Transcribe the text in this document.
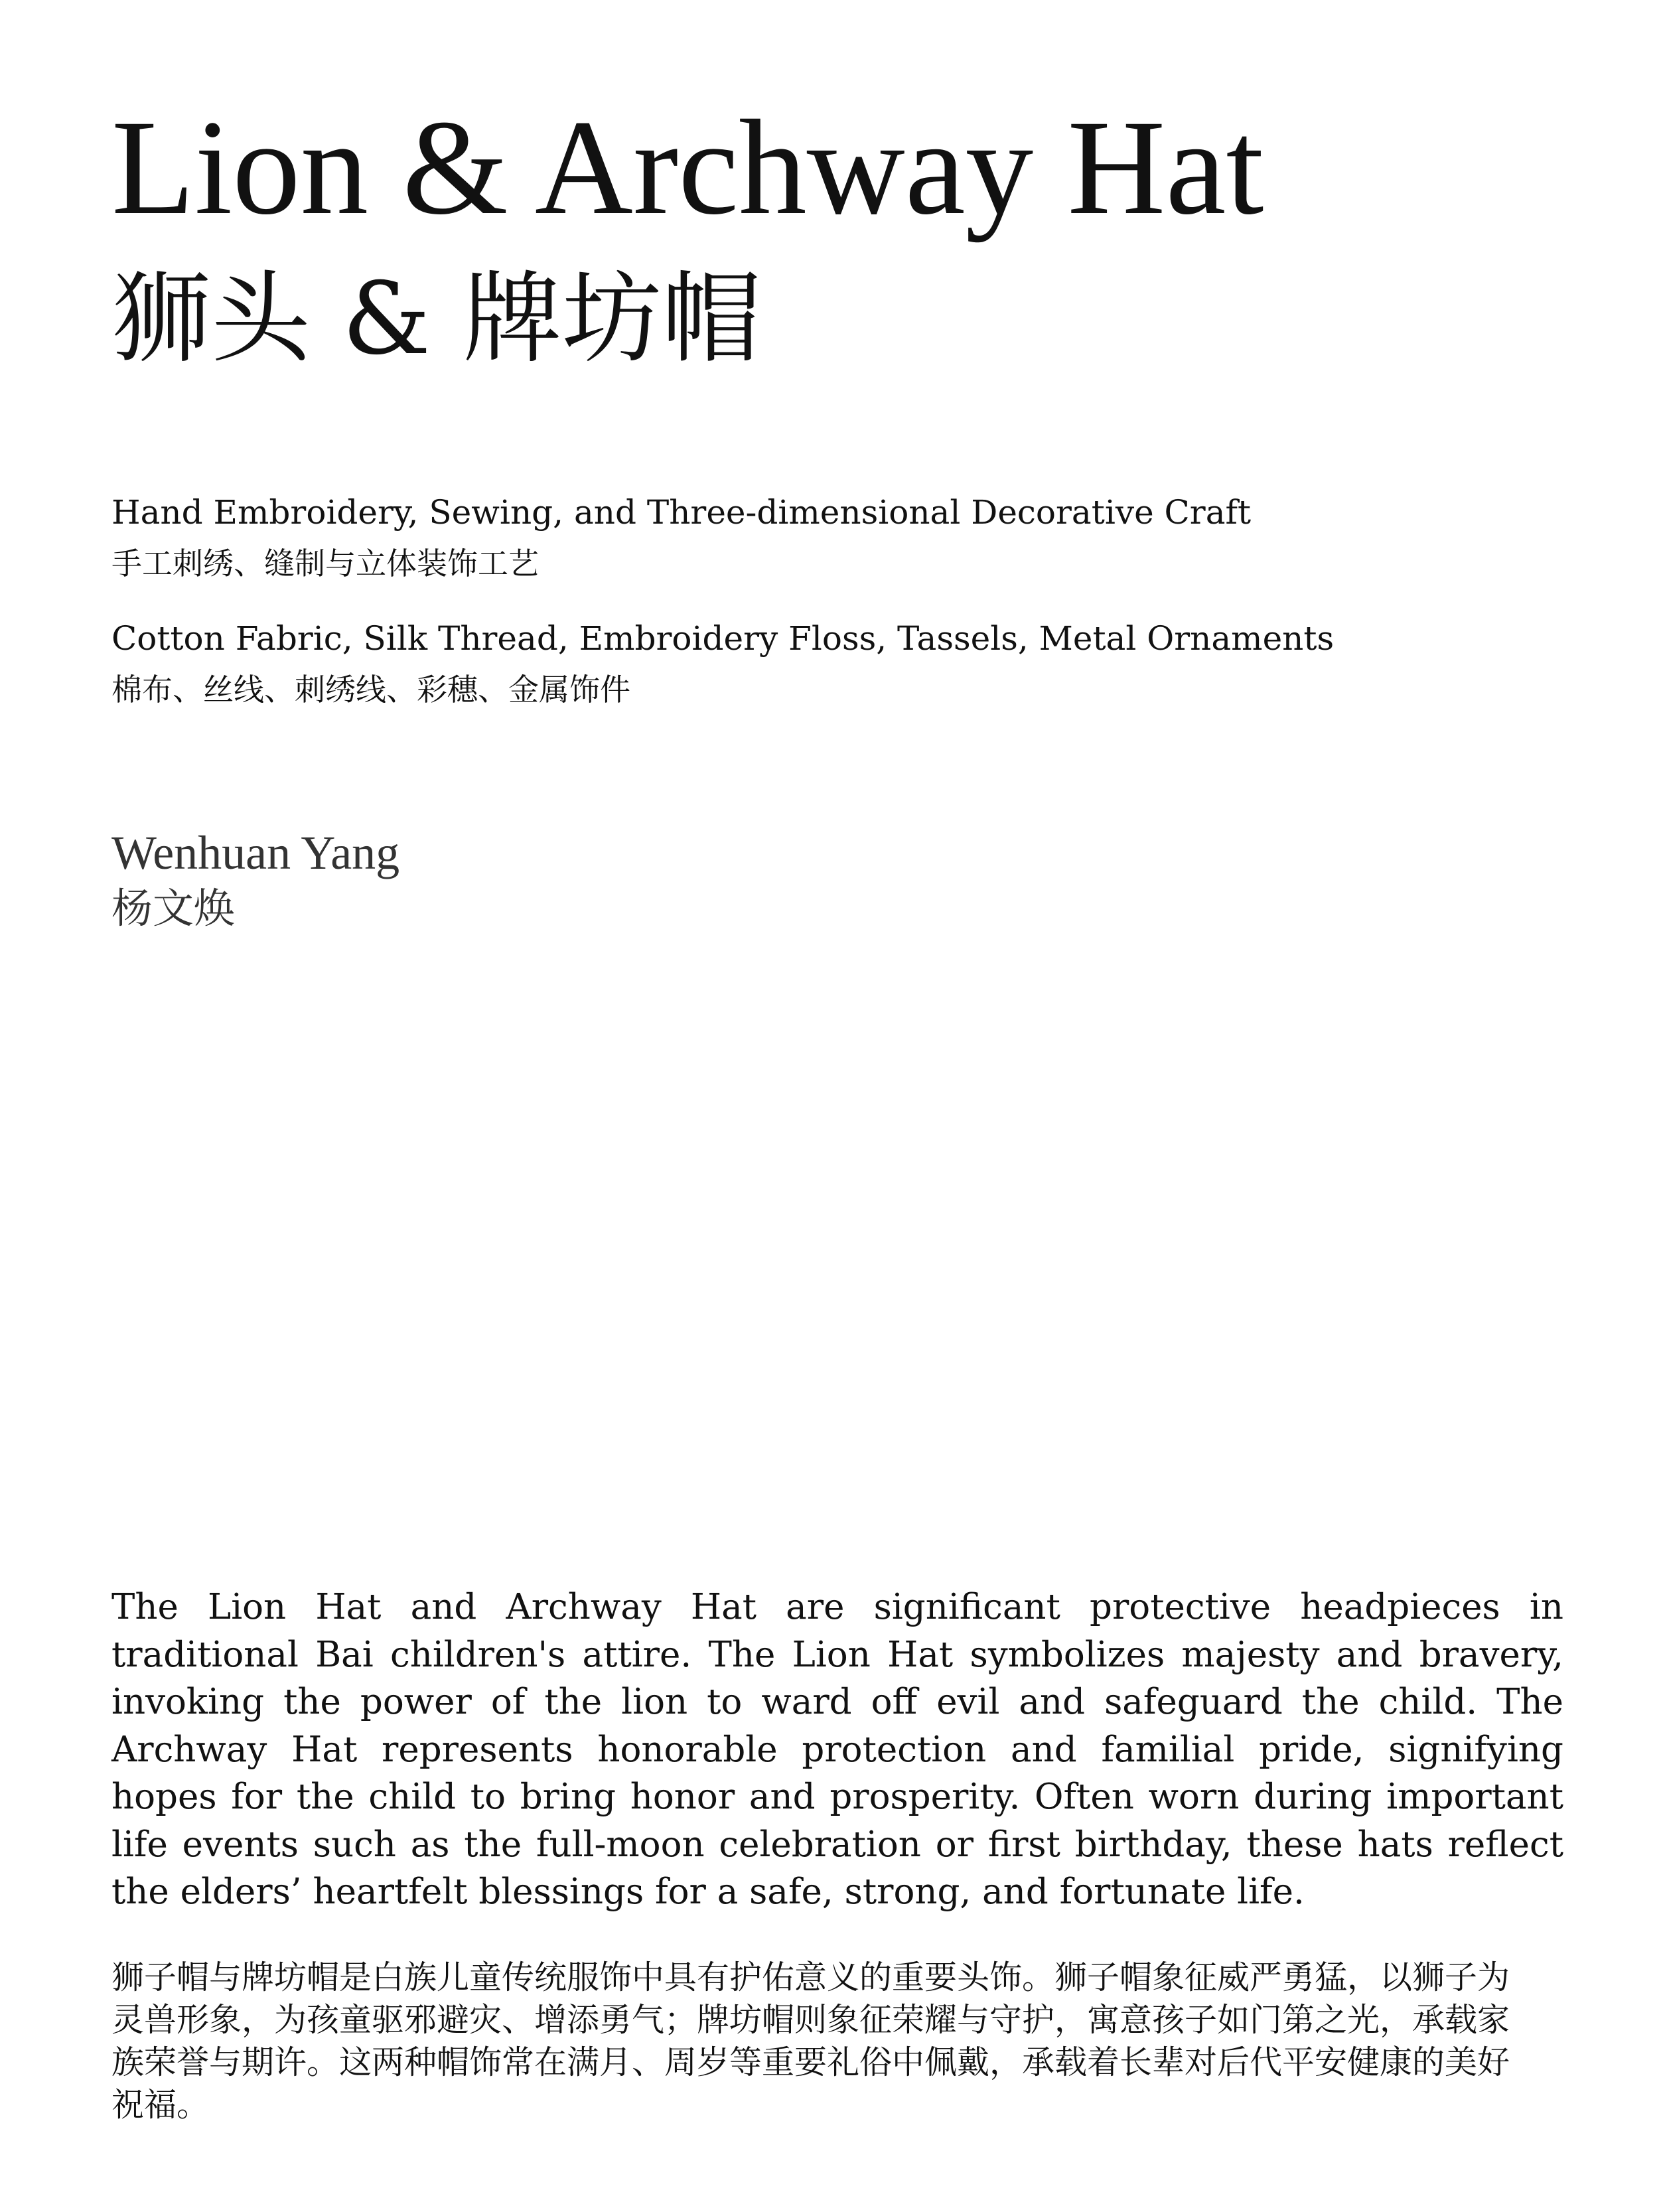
Lion & Archway Hat
狮头 & 牌坊帽

Hand Embroidery, Sewing, and Three-dimensional Decorative Craft

手工刺绣、缝制与立体装饰工艺

Cotton Fabric, Silk Thread, Embroidery Floss, Tassels, Metal Ornaments

棉布、丝线、刺绣线、彩穗、金属饰件

Wenhuan Yang

杨文焕

The Lion Hat and Archway Hat are significant protective headpieces in traditional Bai children's attire. The Lion Hat symbolizes majesty and bravery, invoking the power of the lion to ward off evil and safeguard the child. The Archway Hat represents honorable protection and familial pride, signifying hopes for the child to bring honor and prosperity. Often worn during important life events such as the full-moon celebration or first birthday, these hats reflect the elders’ heartfelt blessings for a safe, strong, and fortunate life.

狮子帽与牌坊帽是白族儿童传统服饰中具有护佑意义的重要头饰。狮子帽象征威严勇猛，以狮子为灵兽形象，为孩童驱邪避灾、增添勇气；牌坊帽则象征荣耀与守护，寓意孩子如门第之光，承载家族荣誉与期许。这两种帽饰常在满月、周岁等重要礼俗中佩戴，承载着长辈对后代平安健康的美好祝福。
